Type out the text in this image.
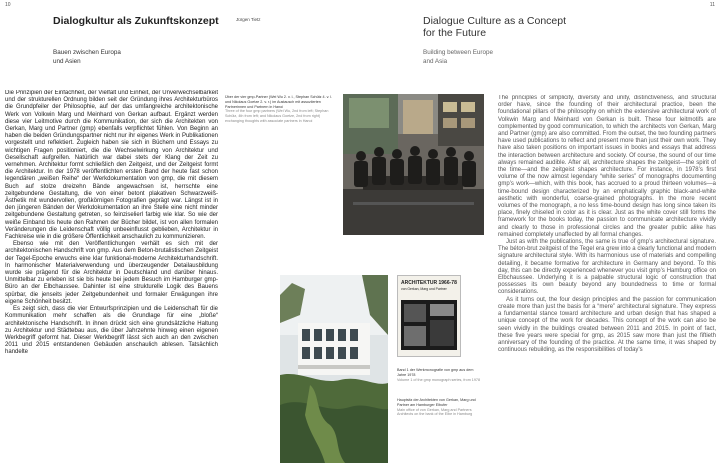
10	11
Dialogkultur als Zukunftskonzept
Bauen zwischen Europa
und Asien

Die Prinzipien der Einfachheit, der Vielfalt und Einheit, der Unverwechselbarkeit und der strukturellen Ordnung bilden seit der Gründung ihres Architekturbüros die Grundpfeiler der Philosophie, auf der das umfangreiche architektonische Werk von Volkwin Marg und Meinhard von Gerkan aufbaut. Ergänzt werden diese vier Leitmotive durch die Kommunikation, der sich die Architekten von Gerkan, Marg und Partner (gmp) ebenfalls verpflichtet fühlen. Von Beginn an haben die beiden Gründungspartner nicht nur ihr eigenes Werk in Publikationen vorgestellt und reflektiert. Zugleich haben sie sich in Büchern und Essays zu wichtigen Fragen positioniert, die die Wechselwirkung von Architektur und Gesellschaft aufgreifen. Natürlich war dabei stets der Klang der Zeit zu vernehmen. Architektur formt schließlich den Zeitgeist, und der Zeitgeist formt die Architektur. In der 1978 veröffentlichten ersten Band der heute fast schon legendären „weißen Reihe“ der Werkdokumentation von gmp, die mit diesem Buch auf stolze dreizehn Bände angewachsen ist, herrschte eine zeitgebundene Gestaltung, die von einer betont plakativen Schwarzweiß-Ästhetik mit wundervollen, großkörnigen Fotografien geprägt war. Längst ist in den jüngeren Bänden der Werkdokumentation an ihre Stelle eine nicht minder zeitgebundene Gestaltung getreten, so feinziselierl farbig wie klar. So wie der weiße Einband bis heute den Rahmen der Bücher bildet, ist von allen formalen Veränderungen die Leidenschaft völlig unbeeinflusst geblieben, Architektur in Fachkreise wie in die größere Öffentlichkeit anschaulich zu kommunizieren.

Ebenso wie mit den Veröffentlichungen verhält es sich mit der architektonischen Handschrift von gmp. Aus dem Beton-brutalistischen Zeitgeist der Tegel-Epoche erwuchs eine klar funktional-moderne Architekturhandschrift. In harmonischer Materialverwendung und überzeugender Detailausbildung wurde sie prägend für die Architektur in Deutschland und darüber hinaus. Unmittelbar zu erleben ist sie bis heute bei jedem Besuch im Hamburger gmp-Büro an der Elbchaussee. Dahinter ist eine strukturelle Logik des Bauens spürbar, die jenseits jeder Zeitgebundenheit und formaler Erwägungen ihre eigene Schönheit besitzt.

Es zeigt sich, dass die vier Entwurfsprinzipien und die Leidenschaft für die Kommunikation mehr schaffen als die Grundlage für eine „bloße“ architektonische Handschrift. In ihnen drückt sich eine grundsätzliche Haltung zu Architektur und Städtebau aus, die über Jahrzehnte hinweg einen eigenen Werkbegriff geformt hat. Dieser Werkbegriff lässt sich auch an den zwischen 2011 und 2015 entstandenen Gebäuden anschaulich ablesen. Tatsächlich handelte

Jürgen Tietz
Über der vier gmp-Partner (Wei Wu 2. v. l., Stephan Schütz 4. v. l. und Nikolaus Goetze 2. v. r.) im Austausch mit assoziierten Partnerinnen und Partnern in Hanoi
Three of the four gmp partners (Wei Wu, 2nd from left; Stephan Schütz, 4th from left; and Nikolaus Goetze, 2nd from right) exchanging thoughts with associate partners in Hanoi
ARCHITEKTUR 1966-78
von Gerkan, Marg und Partner
Band 1 der Werkmonografie von gmp aus dem Jahre 1978
Volume 1 of the gmp monograph series, from 1978
Hauptsitz der Architekten von Gerkan, Marg und Partner am Hamburger Elbufer
Main office of von Gerkan, Marg and Partners Architects on the bank of the Elbe in Hamburg
Dialogue Culture as a Concept
for the Future
Building between Europe
and Asia

The principles of simplicity, diversity and unity, distinctiveness, and structural order have, since the founding of their architectural practice, been the foundational pillars of the philosophy on which the extensive architectural work of Volkwin Marg and Meinhard von Gerkan is built. These four leitmotifs are complemented by good communication, to which the architects von Gerkan, Marg and Partner (gmp) are also committed. From the outset, the two founding partners have used publications to reflect and present more than just their own work. They have also taken positions on important issues in books and essays that address the interaction between architecture and society. Of course, the sound of our time always remained audible. After all, architecture shapes the zeitgeist—the spirit of the time—and the zeitgeist shapes architecture. For instance, in 1978’s first volume of the now almost legendary “white series” of monographs documenting gmp’s work—which, with this book, has accrued to a proud thirteen volumes—a time-bound design characterized by an emphatically graphic black-and-white aesthetic with wonderful, coarse-grained photographs. In the more recent volumes of the monograph, a no less time-bound design has long since taken its place, finely chiseled in color as it is clear. Just as the white cover still forms the framework for the books today, the passion to communicate architecture vividly and clearly to those in professional circles and the greater public alike has remained completely unaffected by all formal changes.

Just as with the publications, the same is true of gmp’s architectural signature. The béton-brut zeitgeist of the Tegel era grew into a clearly functional and modern signature architectural style. With its harmonious use of materials and compelling detailing, it became formative for architecture in Germany and beyond. To this day, this can be directly experienced whenever you visit gmp’s Hamburg office on Elbchaussee. Underlying it is a palpable structural logic of construction that possesses its own beauty beyond any boundedness to time or formal considerations.

As it turns out, the four design principles and the passion for communication create more than just the basis for a “mere” architectural signature. They express a fundamental stance toward architecture and urban design that has shaped a unique concept of the work for decades. This concept of the work can also be seen vividly in the buildings created between 2011 and 2015. In point of fact, these five years were special for gmp, as 2015 saw more than just the fiftieth anniversary of the founding of the practice. At the same time, it was shaped by continuous rebuilding, as the responsibilities of today’s
